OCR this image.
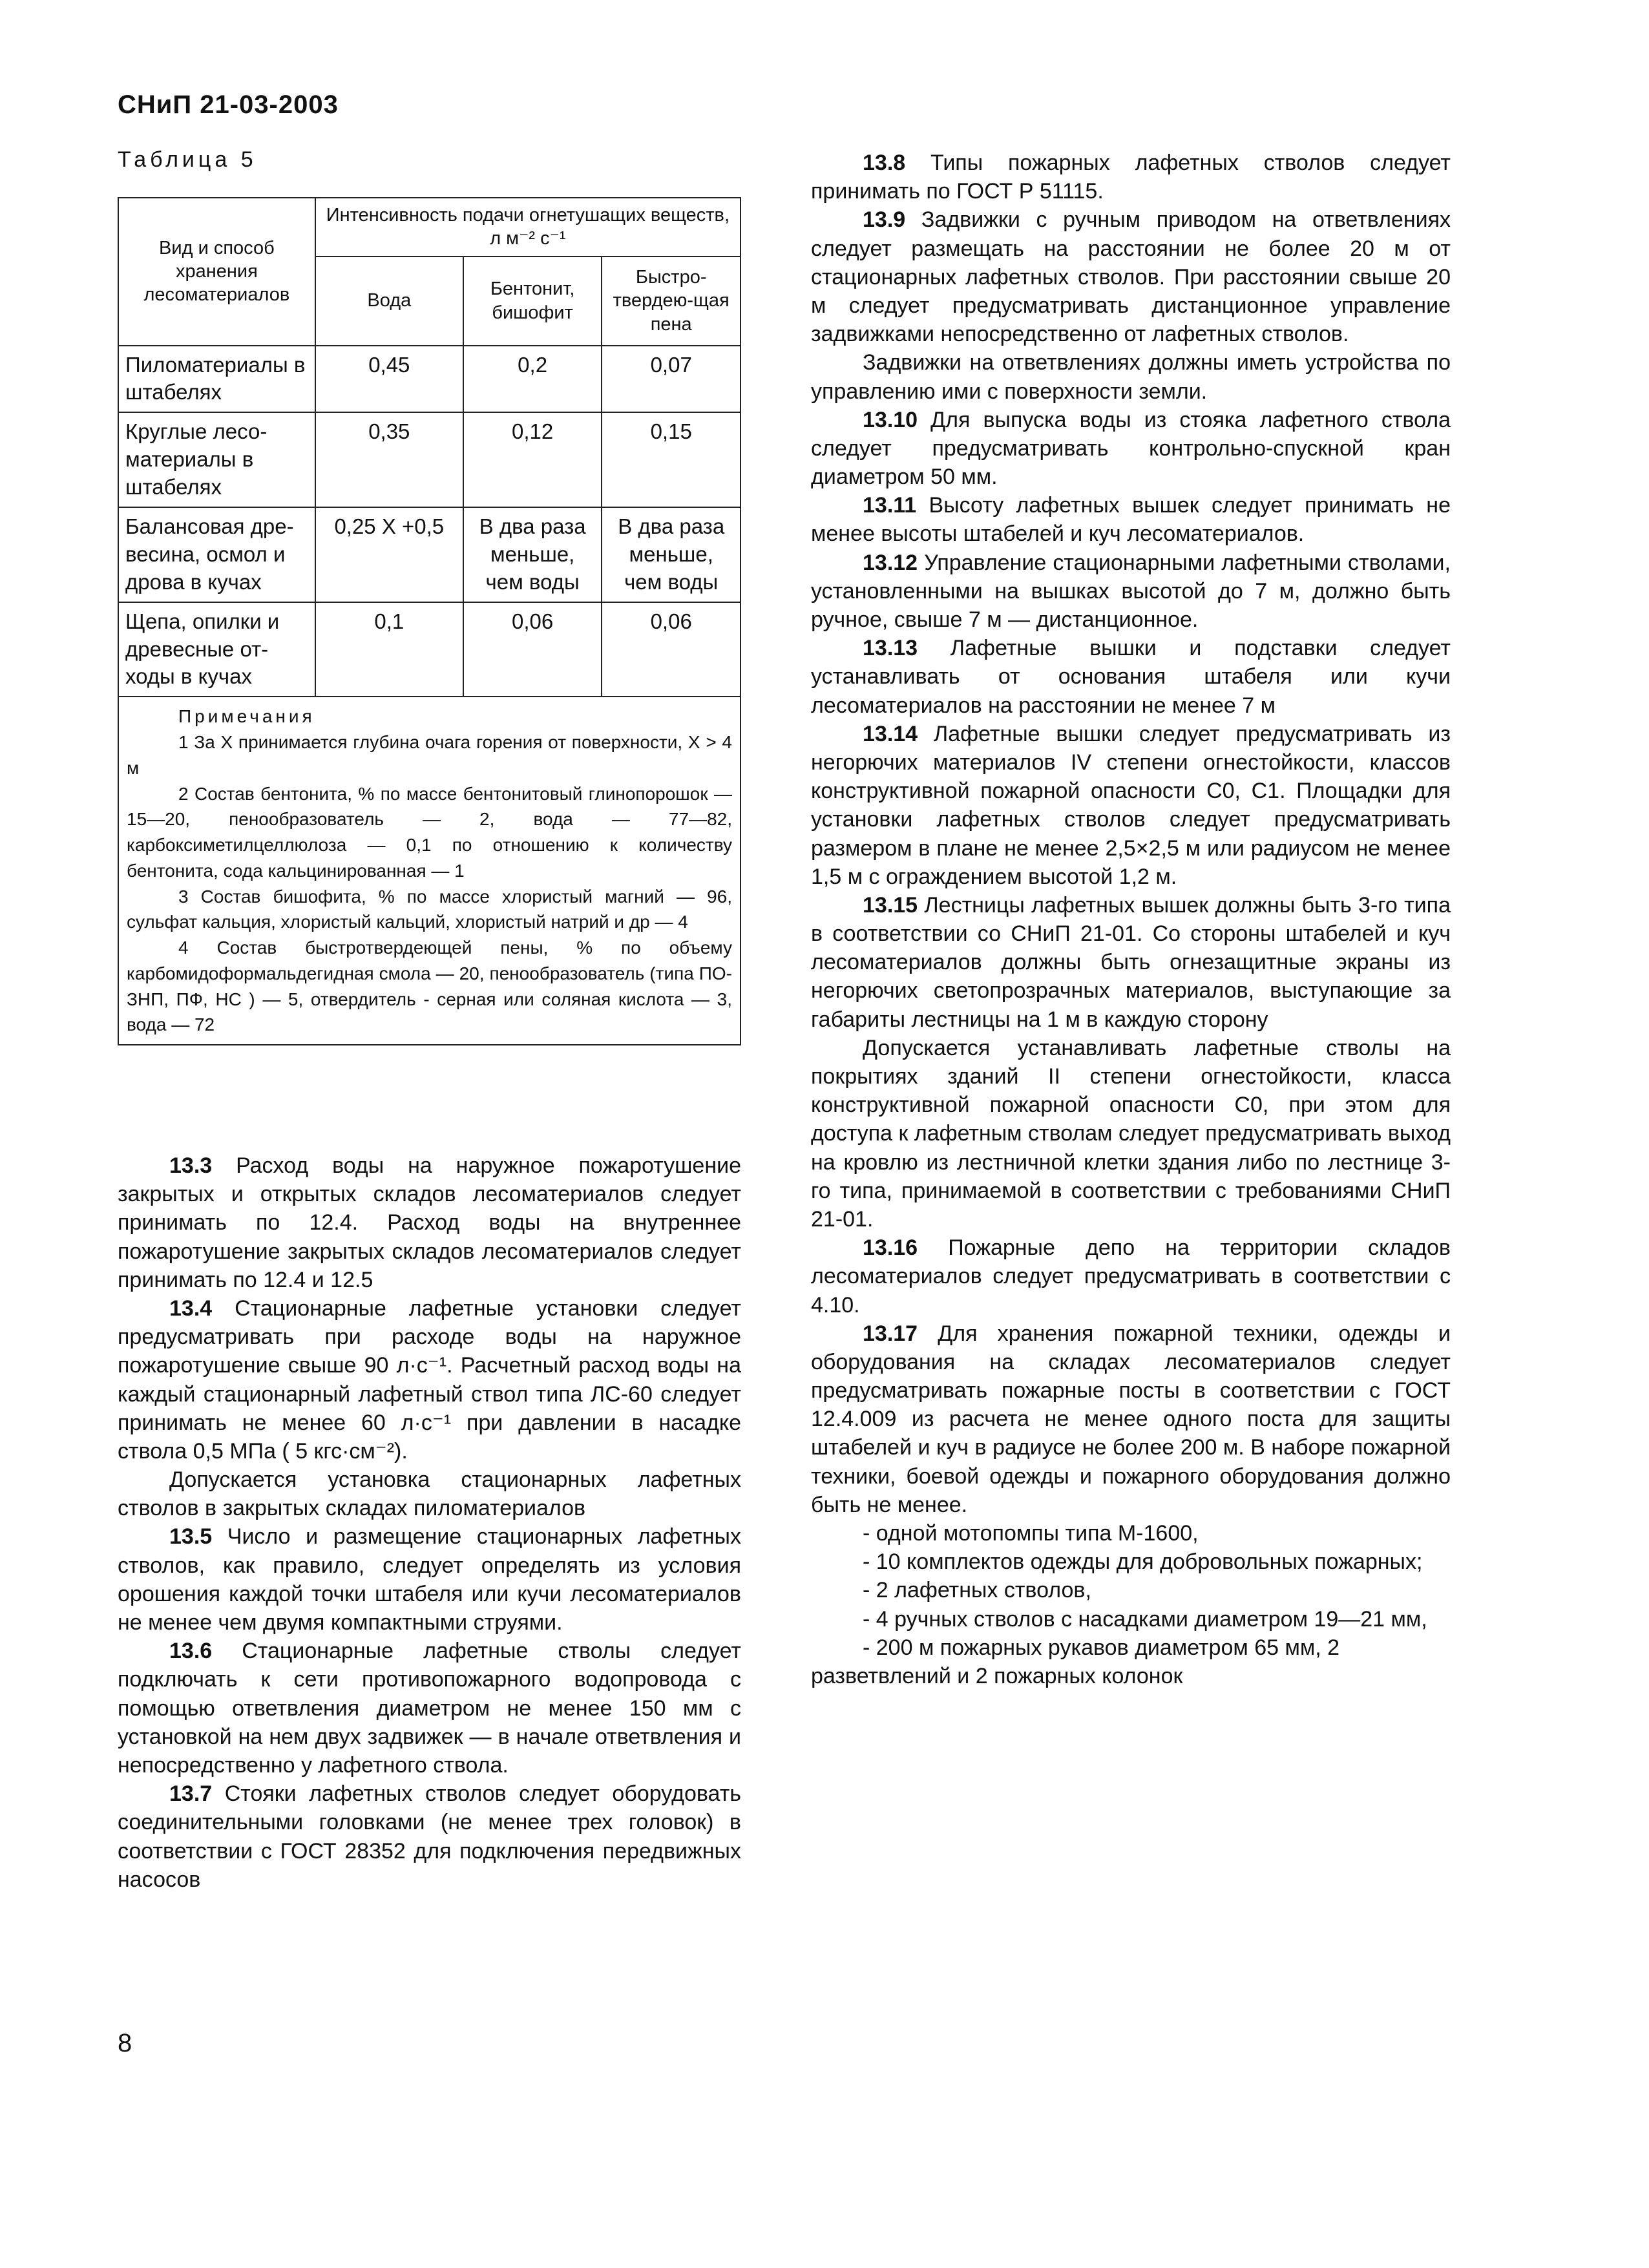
СНиП 21-03-2003
Таблица 5
Вид и способ хранения лесоматериалов	Интенсивность подачи огнетушащих веществ, л м⁻² с⁻¹		
	Вода	Бентонит, бишофит	Быстро-твердею-щая пена
Пиломатериалы в штабелях	0,45	0,2	0,07
Круглые лесо-материалы в штабелях	0,35	0,12	0,15
Балансовая дре-весина, осмол и дрова в кучах	0,25 Х +0,5	В два раза меньше, чем воды	В два раза меньше, чем воды
Щепа, опилки и древесные от-ходы в кучах	0,1	0,06	0,06

Примечания

1 За X принимается глубина очага горения от поверхности, X > 4 м

2 Состав бентонита, % по массе бентонитовый глинопорошок — 15—20, пенообразователь — 2, вода — 77—82, карбоксиметилцеллюлоза — 0,1 по отношению к количеству бентонита, сода кальцинированная — 1

3 Состав бишофита, % по массе хлористый магний — 96, сульфат кальция, хлористый кальций, хлористый натрий и др — 4

4 Состав быстротвердеющей пены, % по объему карбомидоформальдегидная смола — 20, пенообразователь (типа ПО-ЗНП, ПФ, НС ) — 5, отвердитель - серная или соляная кислота — 3, вода — 72			

13.3 Расход воды на наружное пожаротушение закрытых и открытых складов лесоматериалов следует принимать по 12.4. Расход воды на внутреннее пожаротушение закрытых складов лесоматериалов следует принимать по 12.4 и 12.5

13.4 Стационарные лафетные установки следует предусматривать при расходе воды на наружное пожаротушение свыше 90 л·с⁻¹. Расчетный расход воды на каждый стационарный лафетный ствол типа ЛС-60 следует принимать не менее 60 л·с⁻¹ при давлении в насадке ствола 0,5 МПа ( 5 кгс·см⁻²).

Допускается установка стационарных лафетных стволов в закрытых складах пиломатериалов

13.5 Число и размещение стационарных лафетных стволов, как правило, следует определять из условия орошения каждой точки штабеля или кучи лесоматериалов не менее чем двумя компактными струями.

13.6 Стационарные лафетные стволы следует подключать к сети противопожарного водопровода с помощью ответвления диаметром не менее 150 мм с установкой на нем двух задвижек — в начале ответвления и непосредственно у лафетного ствола.

13.7 Стояки лафетных стволов следует оборудовать соединительными головками (не менее трех головок) в соответствии с ГОСТ 28352 для подключения передвижных насосов

13.8 Типы пожарных лафетных стволов следует принимать по ГОСТ Р 51115.

13.9 Задвижки с ручным приводом на ответвлениях следует размещать на расстоянии не более 20 м от стационарных лафетных стволов. При расстоянии свыше 20 м следует предусматривать дистанционное управление задвижками непосредственно от лафетных стволов.

Задвижки на ответвлениях должны иметь устройства по управлению ими с поверхности земли.

13.10 Для выпуска воды из стояка лафетного ствола следует предусматривать контрольно-спускной кран диаметром 50 мм.

13.11 Высоту лафетных вышек следует принимать не менее высоты штабелей и куч лесоматериалов.

13.12 Управление стационарными лафетными стволами, установленными на вышках высотой до 7 м, должно быть ручное, свыше 7 м — дистанционное.

13.13 Лафетные вышки и подставки следует устанавливать от основания штабеля или кучи лесоматериалов на расстоянии не менее 7 м

13.14 Лафетные вышки следует предусматривать из негорючих материалов IV степени огнестойкости, классов конструктивной пожарной опасности С0, С1. Площадки для установки лафетных стволов следует предусматривать размером в плане не менее 2,5×2,5 м или радиусом не менее 1,5 м с ограждением высотой 1,2 м.

13.15 Лестницы лафетных вышек должны быть 3-го типа в соответствии со СНиП 21-01. Со стороны штабелей и куч лесоматериалов должны быть огнезащитные экраны из негорючих светопрозрачных материалов, выступающие за габариты лестницы на 1 м в каждую сторону

Допускается устанавливать лафетные стволы на покрытиях зданий II степени огнестойкости, класса конструктивной пожарной опасности С0, при этом для доступа к лафетным стволам следует предусматривать выход на кровлю из лестничной клетки здания либо по лестнице 3-го типа, принимаемой в соответствии с требованиями СНиП 21-01.

13.16 Пожарные депо на территории складов лесоматериалов следует предусматривать в соответствии с 4.10.

13.17 Для хранения пожарной техники, одежды и оборудования на складах лесоматериалов следует предусматривать пожарные посты в соответствии с ГОСТ 12.4.009 из расчета не менее одного поста для защиты штабелей и куч в радиусе не более 200 м. В наборе пожарной техники, боевой одежды и пожарного оборудования должно быть не менее.

- одной мотопомпы типа М-1600,

- 10 комплектов одежды для добровольных пожарных;

- 2 лафетных стволов,

- 4 ручных стволов с насадками диаметром 19—21 мм,

- 200 м пожарных рукавов диаметром 65 мм, 2 разветвлений и 2 пожарных колонок

8
